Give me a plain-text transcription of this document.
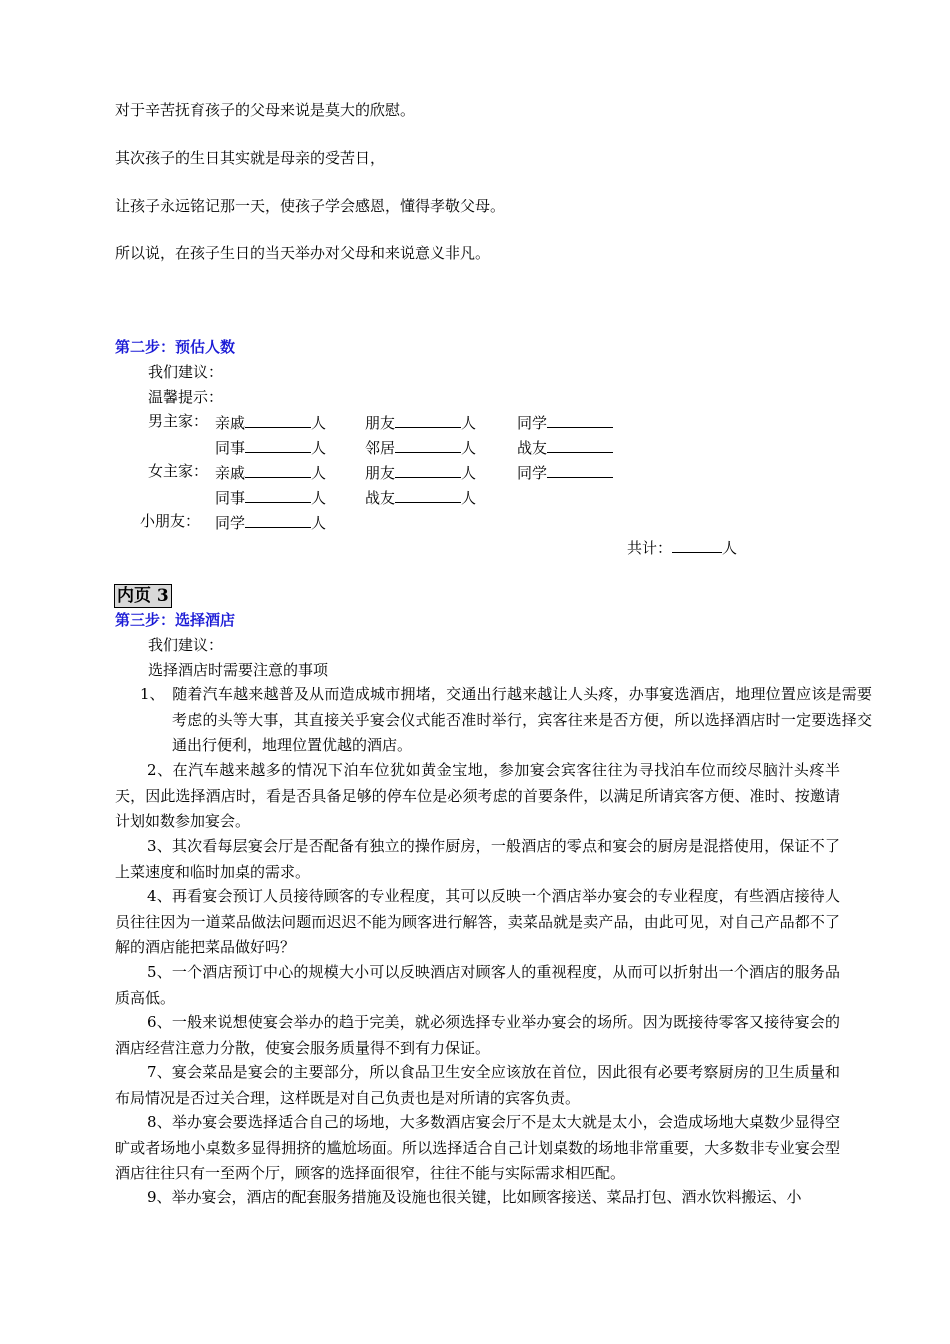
对于辛苦抚育孩子的父母来说是莫大的欣慰。
其次孩子的生日其实就是母亲的受苦日，
让孩子永远铭记那一天，使孩子学会感恩，懂得孝敬父母。
所以说，在孩子生日的当天举办对父母和来说意义非凡。
第二步：预估人数
我们建议：
温馨提示：
男主家： 亲戚	人	朋友	人	同学
同事	人	邻居	人	战友
女主家： 亲戚	人	朋友	人	同学
同事	人	战友	人
小朋友： 同学	人
共计：	人
内页 3
第三步：选择酒店
我们建议：
选择酒店时需要注意的事项
1、 随着汽车越来越普及从而造成城市拥堵，交通出行越来越让人头疼，办事宴选酒店，地理位置应该是需要考虑的头等大事，其直接关乎宴会仪式能否准时举行，宾客往来是否方便，所以选择酒店时一定要选择交通出行便利，地理位置优越的酒店。
2、在汽车越来越多的情况下泊车位犹如黄金宝地，参加宴会宾客往往为寻找泊车位而绞尽脑汁头疼半天，因此选择酒店时，看是否具备足够的停车位是必须考虑的首要条件，以满足所请宾客方便、准时、按邀请计划如数参加宴会。
3、其次看每层宴会厅是否配备有独立的操作厨房，一般酒店的零点和宴会的厨房是混搭使用，保证不了上菜速度和临时加桌的需求。
4、再看宴会预订人员接待顾客的专业程度，其可以反映一个酒店举办宴会的专业程度，有些酒店接待人员往往因为一道菜品做法问题而迟迟不能为顾客进行解答，卖菜品就是卖产品，由此可见，对自己产品都不了解的酒店能把菜品做好吗？
5、一个酒店预订中心的规模大小可以反映酒店对顾客人的重视程度，从而可以折射出一个酒店的服务品质高低。
6、一般来说想使宴会举办的趋于完美，就必须选择专业举办宴会的场所。因为既接待零客又接待宴会的酒店经营注意力分散，使宴会服务质量得不到有力保证。
7、宴会菜品是宴会的主要部分，所以食品卫生安全应该放在首位，因此很有必要考察厨房的卫生质量和布局情况是否过关合理，这样既是对自己负责也是对所请的宾客负责。
8、举办宴会要选择适合自己的场地，大多数酒店宴会厅不是太大就是太小，会造成场地大桌数少显得空旷或者场地小桌数多显得拥挤的尴尬场面。所以选择适合自己计划桌数的场地非常重要，大多数非专业宴会型酒店往往只有一至两个厅，顾客的选择面很窄，往往不能与实际需求相匹配。
9、举办宴会，酒店的配套服务措施及设施也很关键，比如顾客接送、菜品打包、酒水饮料搬运、小
